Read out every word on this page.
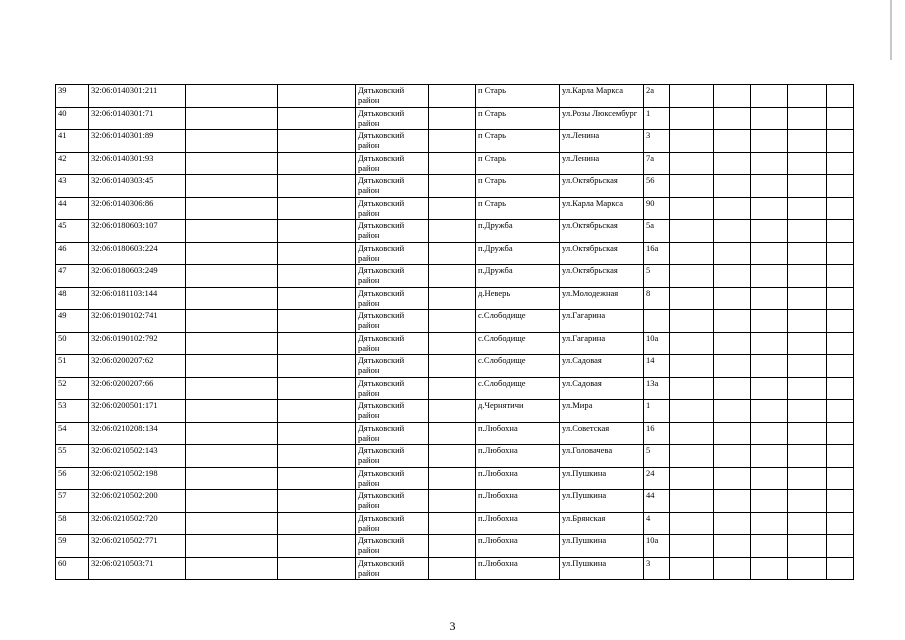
39	32:06:0140301:211			Дятьковский
район		п Старь	ул.Карла Маркса	2а					
40	32:06:0140301:71			Дятьковский
район		п Старь	ул.Розы Люксембург	1					
41	32:06:0140301:89			Дятьковский
район		п Старь	ул.Ленина	3					
42	32:06:0140301:93			Дятьковский
район		п Старь	ул.Ленина	7а					
43	32:06:0140303:45			Дятьковский
район		п Старь	ул.Октябрьская	56					
44	32:06:0140306:86			Дятьковский
район		п Старь	ул.Карла Маркса	90					
45	32:06:0180603:107			Дятьковский
район		п.Дружба	ул.Октябрьская	5а					
46	32:06:0180603:224			Дятьковский
район		п.Дружба	ул.Октябрьская	16а					
47	32:06:0180603:249			Дятьковский
район		п.Дружба	ул.Октябрьская	5					
48	32:06:0181103:144			Дятьковский
район		д.Неверь	ул.Молодежная	8					
49	32:06:0190102:741			Дятьковский
район		с.Слободище	ул.Гагарина						
50	32:06:0190102:792			Дятьковский
район		с.Слободище	ул.Гагарина	10а					
51	32:06:0200207:62			Дятьковский
район		с.Слободище	ул.Садовая	14					
52	32:06:0200207:66			Дятьковский
район		с.Слободище	ул.Садовая	13а					
53	32:06:0200501:171			Дятьковский
район		д.Чернятичи	ул.Мира	1					
54	32:06:0210208:134			Дятьковский
район		п.Любохна	ул.Советская	16					
55	32:06:0210502:143			Дятьковский
район		п.Любохна	ул.Головачева	5					
56	32:06:0210502:198			Дятьковский
район		п.Любохна	ул.Пушкина	24					
57	32:06:0210502:200			Дятьковский
район		п.Любохна	ул.Пушкина	44					
58	32:06:0210502:720			Дятьковский
район		п.Любохна	ул.Брянская	4					
59	32:06:0210502:771			Дятьковский
район		п.Любохна	ул.Пушкина	10а					
60	32:06:0210503:71			Дятьковский
район		п.Любохна	ул.Пушкина	3					
3
